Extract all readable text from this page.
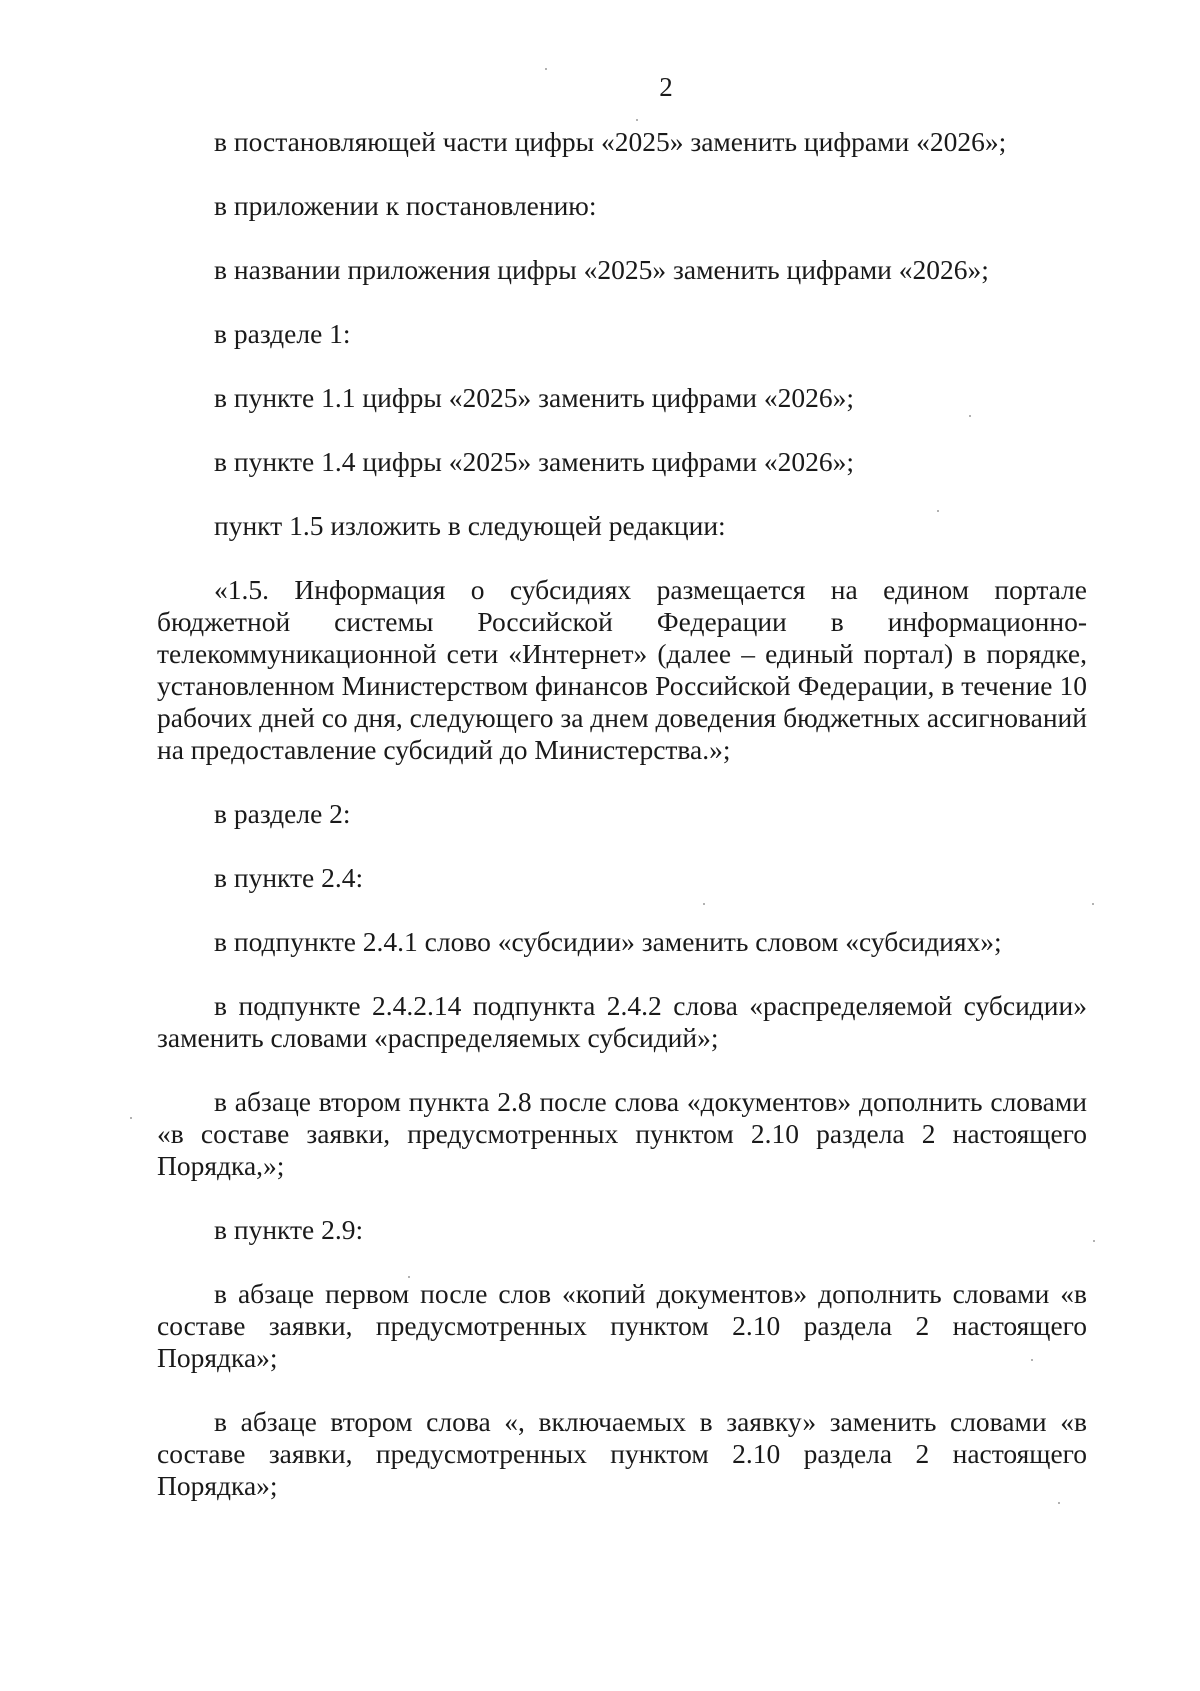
2

в постановляющей части цифры «2025» заменить цифрами «2026»;

в приложении к постановлению:

в названии приложения цифры «2025» заменить цифрами «2026»;

в разделе 1:

в пункте 1.1 цифры «2025» заменить цифрами «2026»;

в пункте 1.4 цифры «2025» заменить цифрами «2026»;

пункт 1.5 изложить в следующей редакции:

«1.5. Информация о субсидиях размещается на едином портале бюджетной системы Российской Федерации в информационно-телекоммуникационной сети «Интернет» (далее – единый портал) в порядке, установленном Министерством финансов Российской Федерации, в течение 10 рабочих дней со дня, следующего за днем доведения бюджетных ассигнований на предоставление субсидий до Министерства.»;

в разделе 2:

в пункте 2.4:

в подпункте 2.4.1 слово «субсидии» заменить словом «субсидиях»;

в подпункте 2.4.2.14 подпункта 2.4.2 слова «распределяемой субсидии» заменить словами «распределяемых субсидий»;

в абзаце втором пункта 2.8 после слова «документов» дополнить словами «в составе заявки, предусмотренных пунктом 2.10 раздела 2 настоящего Порядка,»;

в пункте 2.9:

в абзаце первом после слов «копий документов» дополнить словами «в составе заявки, предусмотренных пунктом 2.10 раздела 2 настоящего Порядка»;

в абзаце втором слова «, включаемых в заявку» заменить словами «в составе заявки, предусмотренных пунктом 2.10 раздела 2 настоящего Порядка»;
